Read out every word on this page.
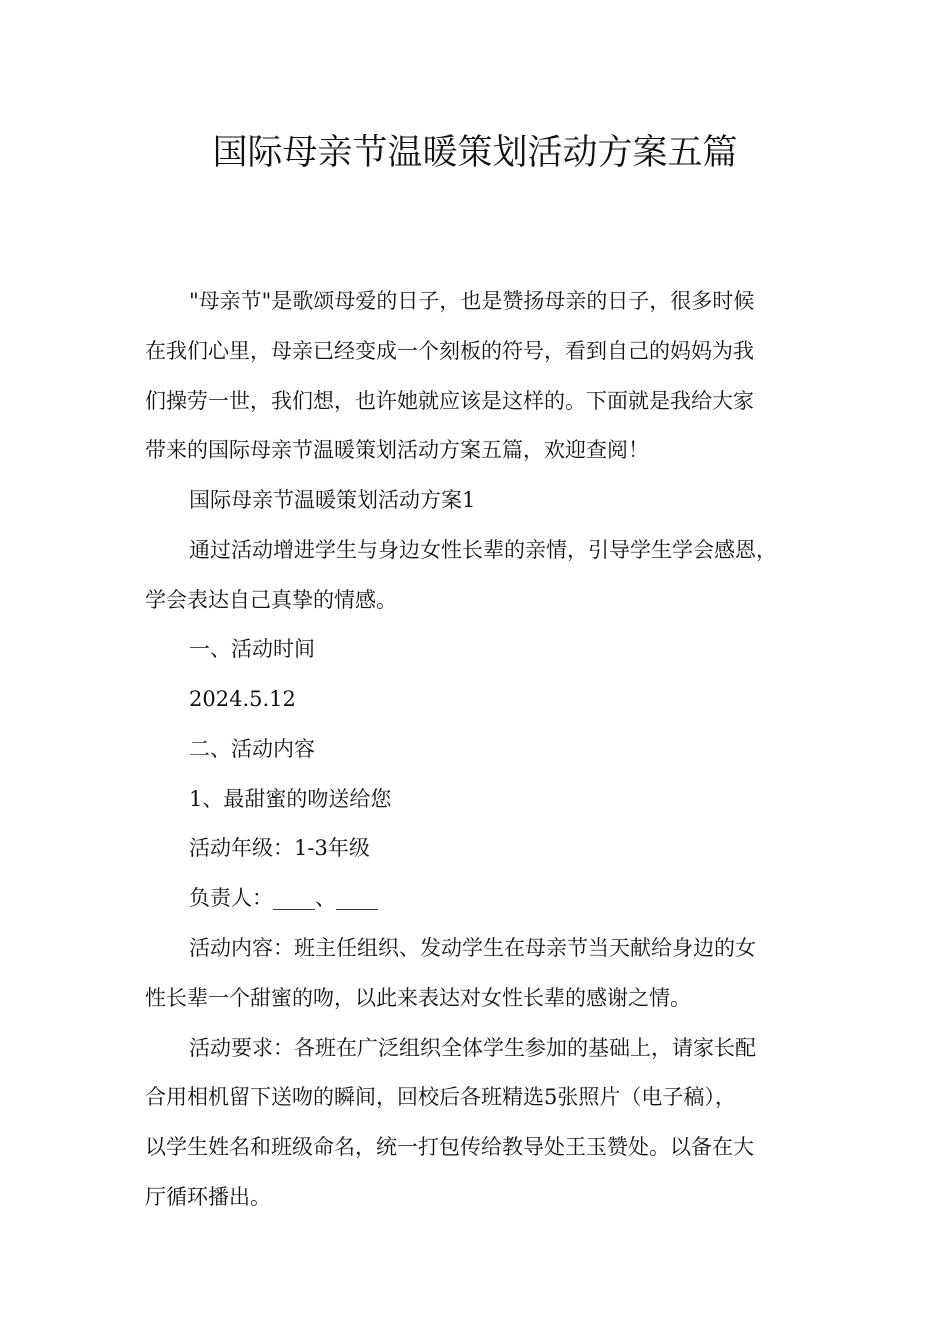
国际母亲节温暖策划活动方案五篇
"母亲节"是歌颂母爱的日子，也是赞扬母亲的日子，很多时候
在我们心里，母亲已经变成一个刻板的符号，看到自己的妈妈为我
们操劳一世，我们想，也许她就应该是这样的。下面就是我给大家
带来的国际母亲节温暖策划活动方案五篇，欢迎查阅！
国际母亲节温暖策划活动方案1
通过活动增进学生与身边女性长辈的亲情，引导学生学会感恩，
学会表达自己真挚的情感。
一、活动时间
2024.5.12
二、活动内容
1、最甜蜜的吻送给您
活动年级：1-3年级
负责人：____、____
活动内容：班主任组织、发动学生在母亲节当天献给身边的女
性长辈一个甜蜜的吻，以此来表达对女性长辈的感谢之情。
活动要求：各班在广泛组织全体学生参加的基础上，请家长配
合用相机留下送吻的瞬间，回校后各班精选5张照片（电子稿），
以学生姓名和班级命名，统一打包传给教导处王玉赞处。以备在大
厅循环播出。
